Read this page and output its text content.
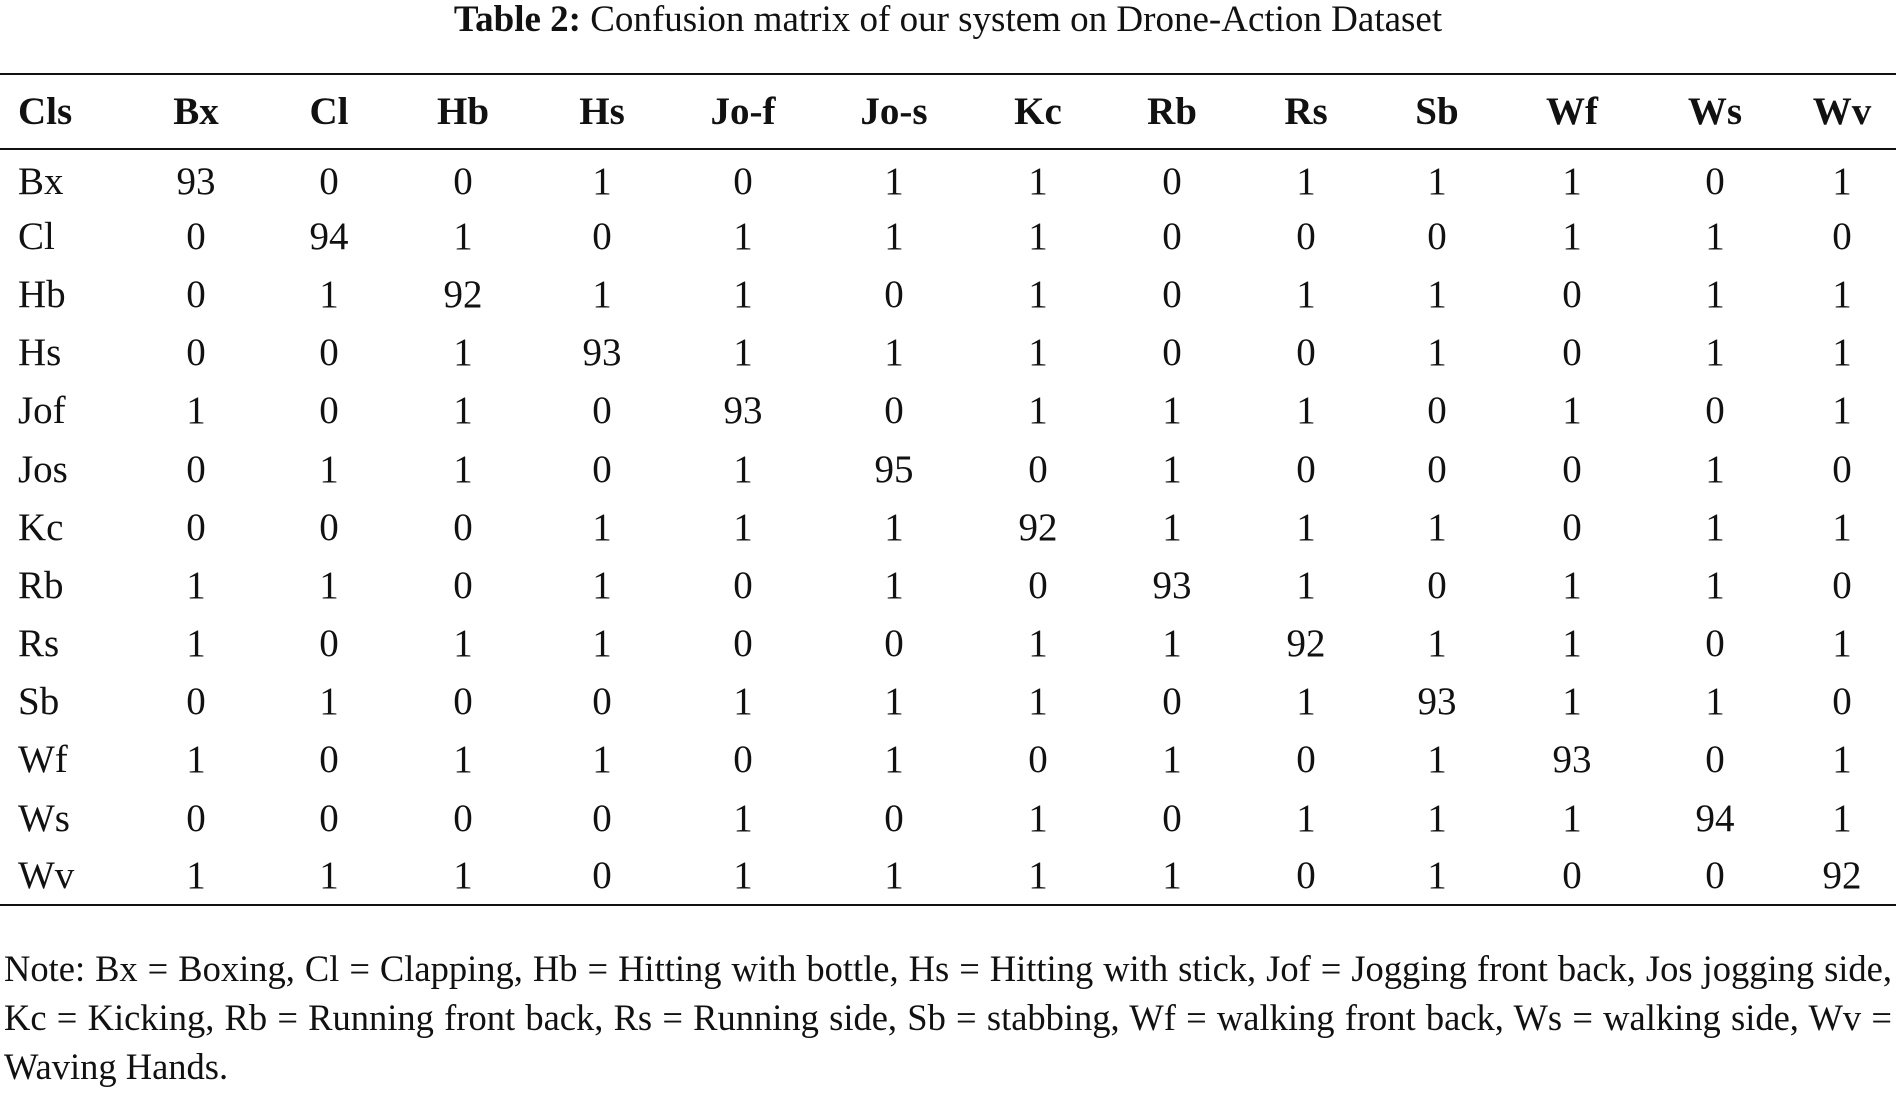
Table 2: Confusion matrix of our system on Drone-Action Dataset
Cls	Bx	Cl	Hb	Hs	Jo-f	Jo-s	Kc	Rb	Rs	Sb	Wf	Ws	Wv
Bx	93	0	0	1	0	1	1	0	1	1	1	0	1
Cl	0	94	1	0	1	1	1	0	0	0	1	1	0
Hb	0	1	92	1	1	0	1	0	1	1	0	1	1
Hs	0	0	1	93	1	1	1	0	0	1	0	1	1
Jof	1	0	1	0	93	0	1	1	1	0	1	0	1
Jos	0	1	1	0	1	95	0	1	0	0	0	1	0
Kc	0	0	0	1	1	1	92	1	1	1	0	1	1
Rb	1	1	0	1	0	1	0	93	1	0	1	1	0
Rs	1	0	1	1	0	0	1	1	92	1	1	0	1
Sb	0	1	0	0	1	1	1	0	1	93	1	1	0
Wf	1	0	1	1	0	1	0	1	0	1	93	0	1
Ws	0	0	0	0	1	0	1	0	1	1	1	94	1
Wv	1	1	1	0	1	1	1	1	0	1	0	0	92
Note: Bx = Boxing, Cl = Clapping, Hb = Hitting with bottle, Hs = Hitting with stick, Jof = Jogging front back, Jos jogging side, Kc = Kicking, Rb = Running front back, Rs = Running side, Sb = stabbing, Wf = walking front back, Ws = walking side, Wv = Waving Hands.
